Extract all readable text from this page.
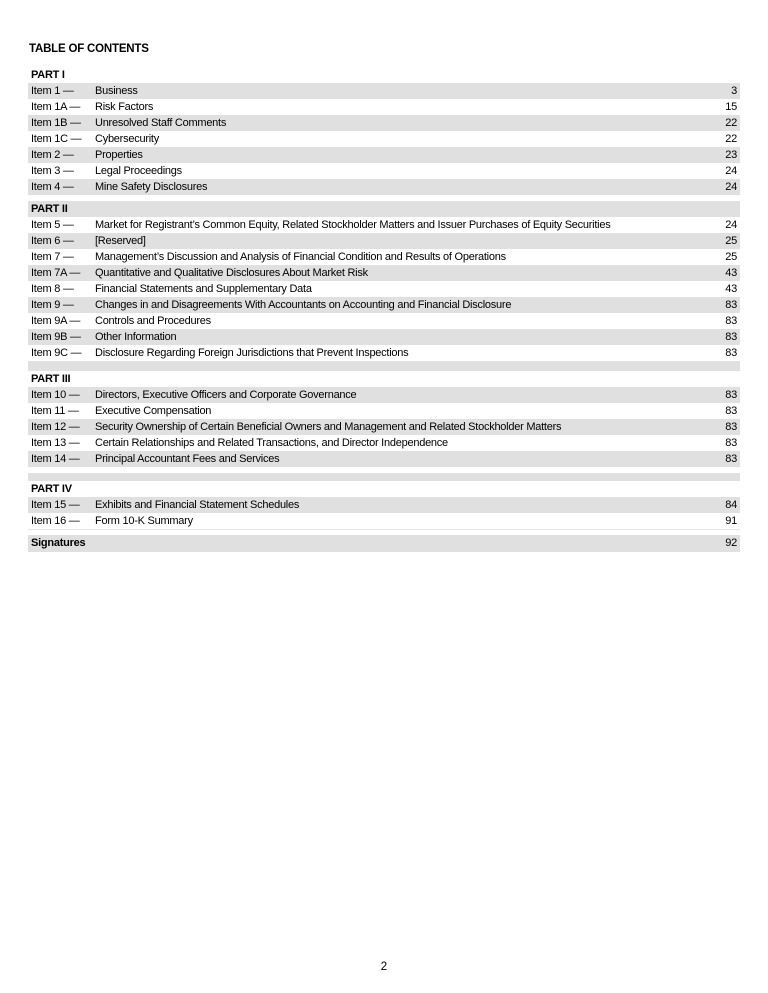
TABLE OF CONTENTS
PART I
Item 1 — Business	3
Item 1A — Risk Factors	15
Item 1B — Unresolved Staff Comments	22
Item 1C — Cybersecurity	22
Item 2 — Properties	23
Item 3 — Legal Proceedings	24
Item 4 — Mine Safety Disclosures	24
PART II
Item 5 — Market for Registrant’s Common Equity, Related Stockholder Matters and Issuer Purchases of Equity Securities	24
Item 6 — [Reserved]	25
Item 7 — Management’s Discussion and Analysis of Financial Condition and Results of Operations	25
Item 7A — Quantitative and Qualitative Disclosures About Market Risk	43
Item 8 — Financial Statements and Supplementary Data	43
Item 9 — Changes in and Disagreements With Accountants on Accounting and Financial Disclosure	83
Item 9A — Controls and Procedures	83
Item 9B — Other Information	83
Item 9C — Disclosure Regarding Foreign Jurisdictions that Prevent Inspections	83
PART III
Item 10 — Directors, Executive Officers and Corporate Governance	83
Item 11 — Executive Compensation	83
Item 12 — Security Ownership of Certain Beneficial Owners and Management and Related Stockholder Matters	83
Item 13 — Certain Relationships and Related Transactions, and Director Independence	83
Item 14 — Principal Accountant Fees and Services	83
PART IV
Item 15 — Exhibits and Financial Statement Schedules	84
Item 16 — Form 10-K Summary	91
Signatures	92
2
